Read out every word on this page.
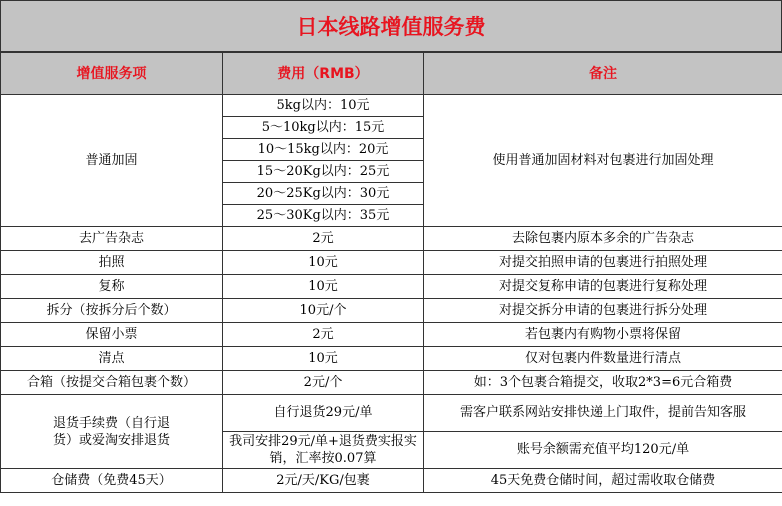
日本线路增值服务费
增值服务项	费用（RMB）	备注
普通加固	5kg以内：10元	使用普通加固材料对包裹进行加固处理
	5～10kg以内：15元	
	10～15kg以内：20元	
	15～20Kg以内：25元	
	20～25Kg以内：30元	
	25～30Kg以内：35元	
去广告杂志	2元	去除包裹内原本多余的广告杂志
拍照	10元	对提交拍照申请的包裹进行拍照处理
复称	10元	对提交复称申请的包裹进行复称处理
拆分（按拆分后个数）	10元/个	对提交拆分申请的包裹进行拆分处理
保留小票	2元	若包裹内有购物小票将保留
清点	10元	仅对包裹内件数量进行清点
合箱（按提交合箱包裹个数）	2元/个	如：3个包裹合箱提交，收取2*3=6元合箱费
退货手续费（自行退货）或爱淘安排退货	自行退货29元/单	需客户联系网站安排快递上门取件，提前告知客服
	我司安排29元/单+退货费实报实销，汇率按0.07算	账号余额需充值平均120元/单
仓储费（免费45天）	2元/天/KG/包裹	45天免费仓储时间，超过需收取仓储费
